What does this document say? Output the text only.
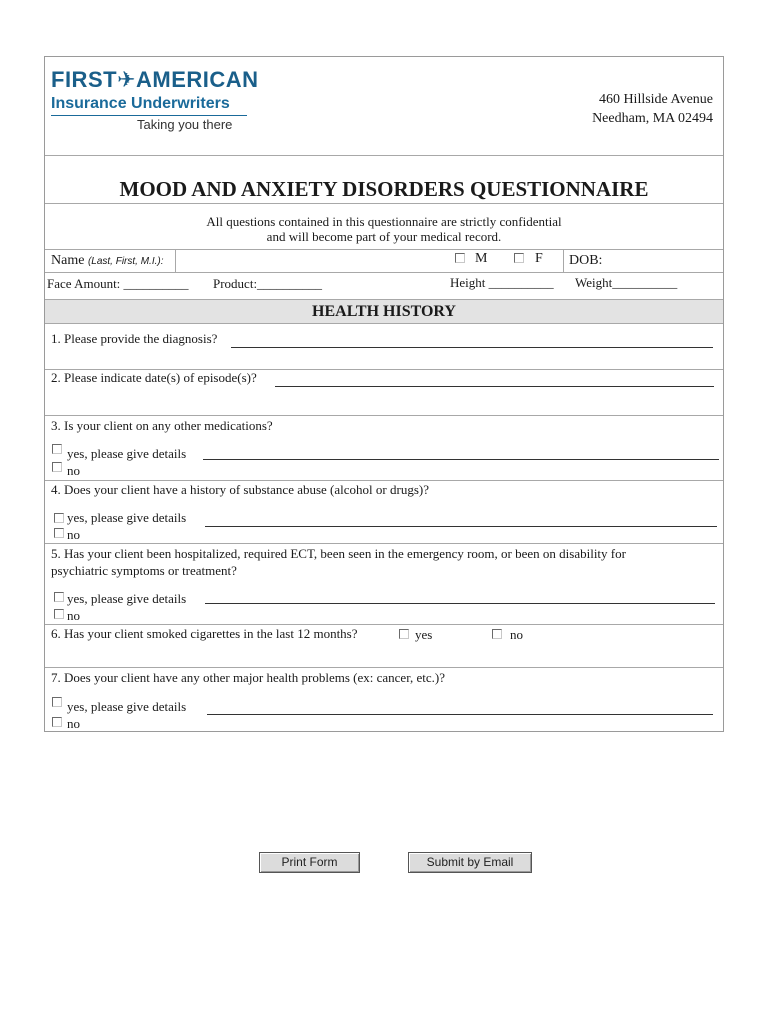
FIRST✈AMERICAN
Insurance Underwriters
Taking you there
460 Hillside Avenue
Needham, MA 02494
MOOD AND ANXIETY DISORDERS QUESTIONNAIRE
All questions contained in this questionnaire are strictly confidential
and will become part of your medical record.
Name (Last, First, M.I.):	M	F DOB:
Face Amount: __________ Product:__________	Height __________ Weight__________
HEALTH HISTORY
1. Please provide the diagnosis?
2. Please indicate date(s) of episode(s)?
3. Is your client on any other medications?
yes, please give details
no
4. Does your client have a history of substance abuse (alcohol or drugs)?
yes, please give details
no
5. Has your client been hospitalized, required ECT, been seen in the emergency room, or been on disability for
psychiatric symptoms or treatment?
yes, please give details
no
6. Has your client smoked cigarettes in the last 12 months?	yes	no
7. Does your client have any other major health problems (ex: cancer, etc.)?
yes, please give details
no
Print Form	Submit by Email
